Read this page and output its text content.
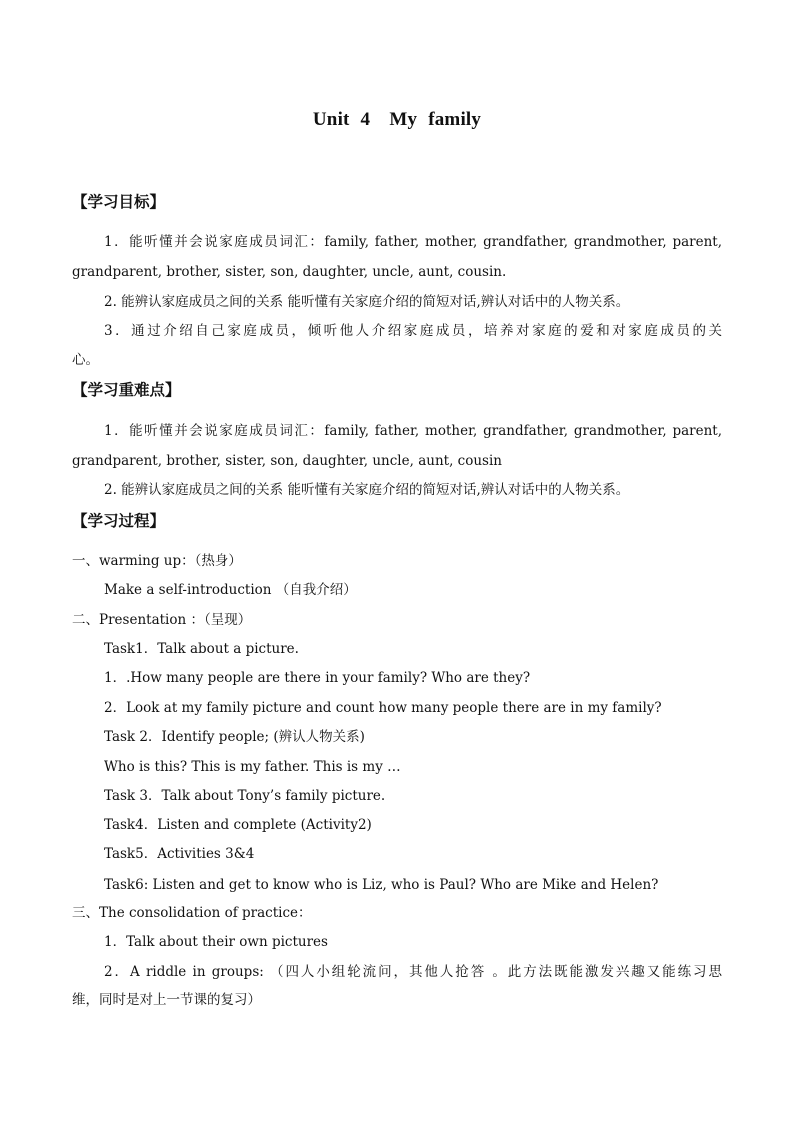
Unit 4　My family
【学习目标】
1．能听懂并会说家庭成员词汇：family, father, mother, grandfather, grandmother, parent,
grandparent, brother, sister, son, daughter, uncle, aunt, cousin.
2. 能辨认家庭成员之间的关系 能听懂有关家庭介绍的简短对话,辨认对话中的人物关系。
3．通过介绍自己家庭成员，倾听他人介绍家庭成员，培养对家庭的爱和对家庭成员的关
心。
【学习重难点】
1．能听懂并会说家庭成员词汇：family, father, mother, grandfather, grandmother, parent,
grandparent, brother, sister, son, daughter, uncle, aunt, cousin
2. 能辨认家庭成员之间的关系 能听懂有关家庭介绍的简短对话,辨认对话中的人物关系。
【学习过程】
一、warming up：（热身）
Make a self-introduction （自我介绍）
二、Presentation ：（呈现）
Task1．Talk about a picture.
1．.How many people are there in your family? Who are they?
2．Look at my family picture and count how many people there are in my family?
Task 2．Identify people; (辨认人物关系)
Who is this? This is my father. This is my …
Task 3．Talk about Tony’s family picture.
Task4．Listen and complete (Activity2)
Task5．Activities 3&4
Task6: Listen and get to know who is Liz, who is Paul? Who are Mike and Helen?
三、The consolidation of practice：
1．Talk about their own pictures
2．A riddle in groups: （四人小组轮流问，其他人抢答 。此方法既能激发兴趣又能练习思
维，同时是对上一节课的复习）
